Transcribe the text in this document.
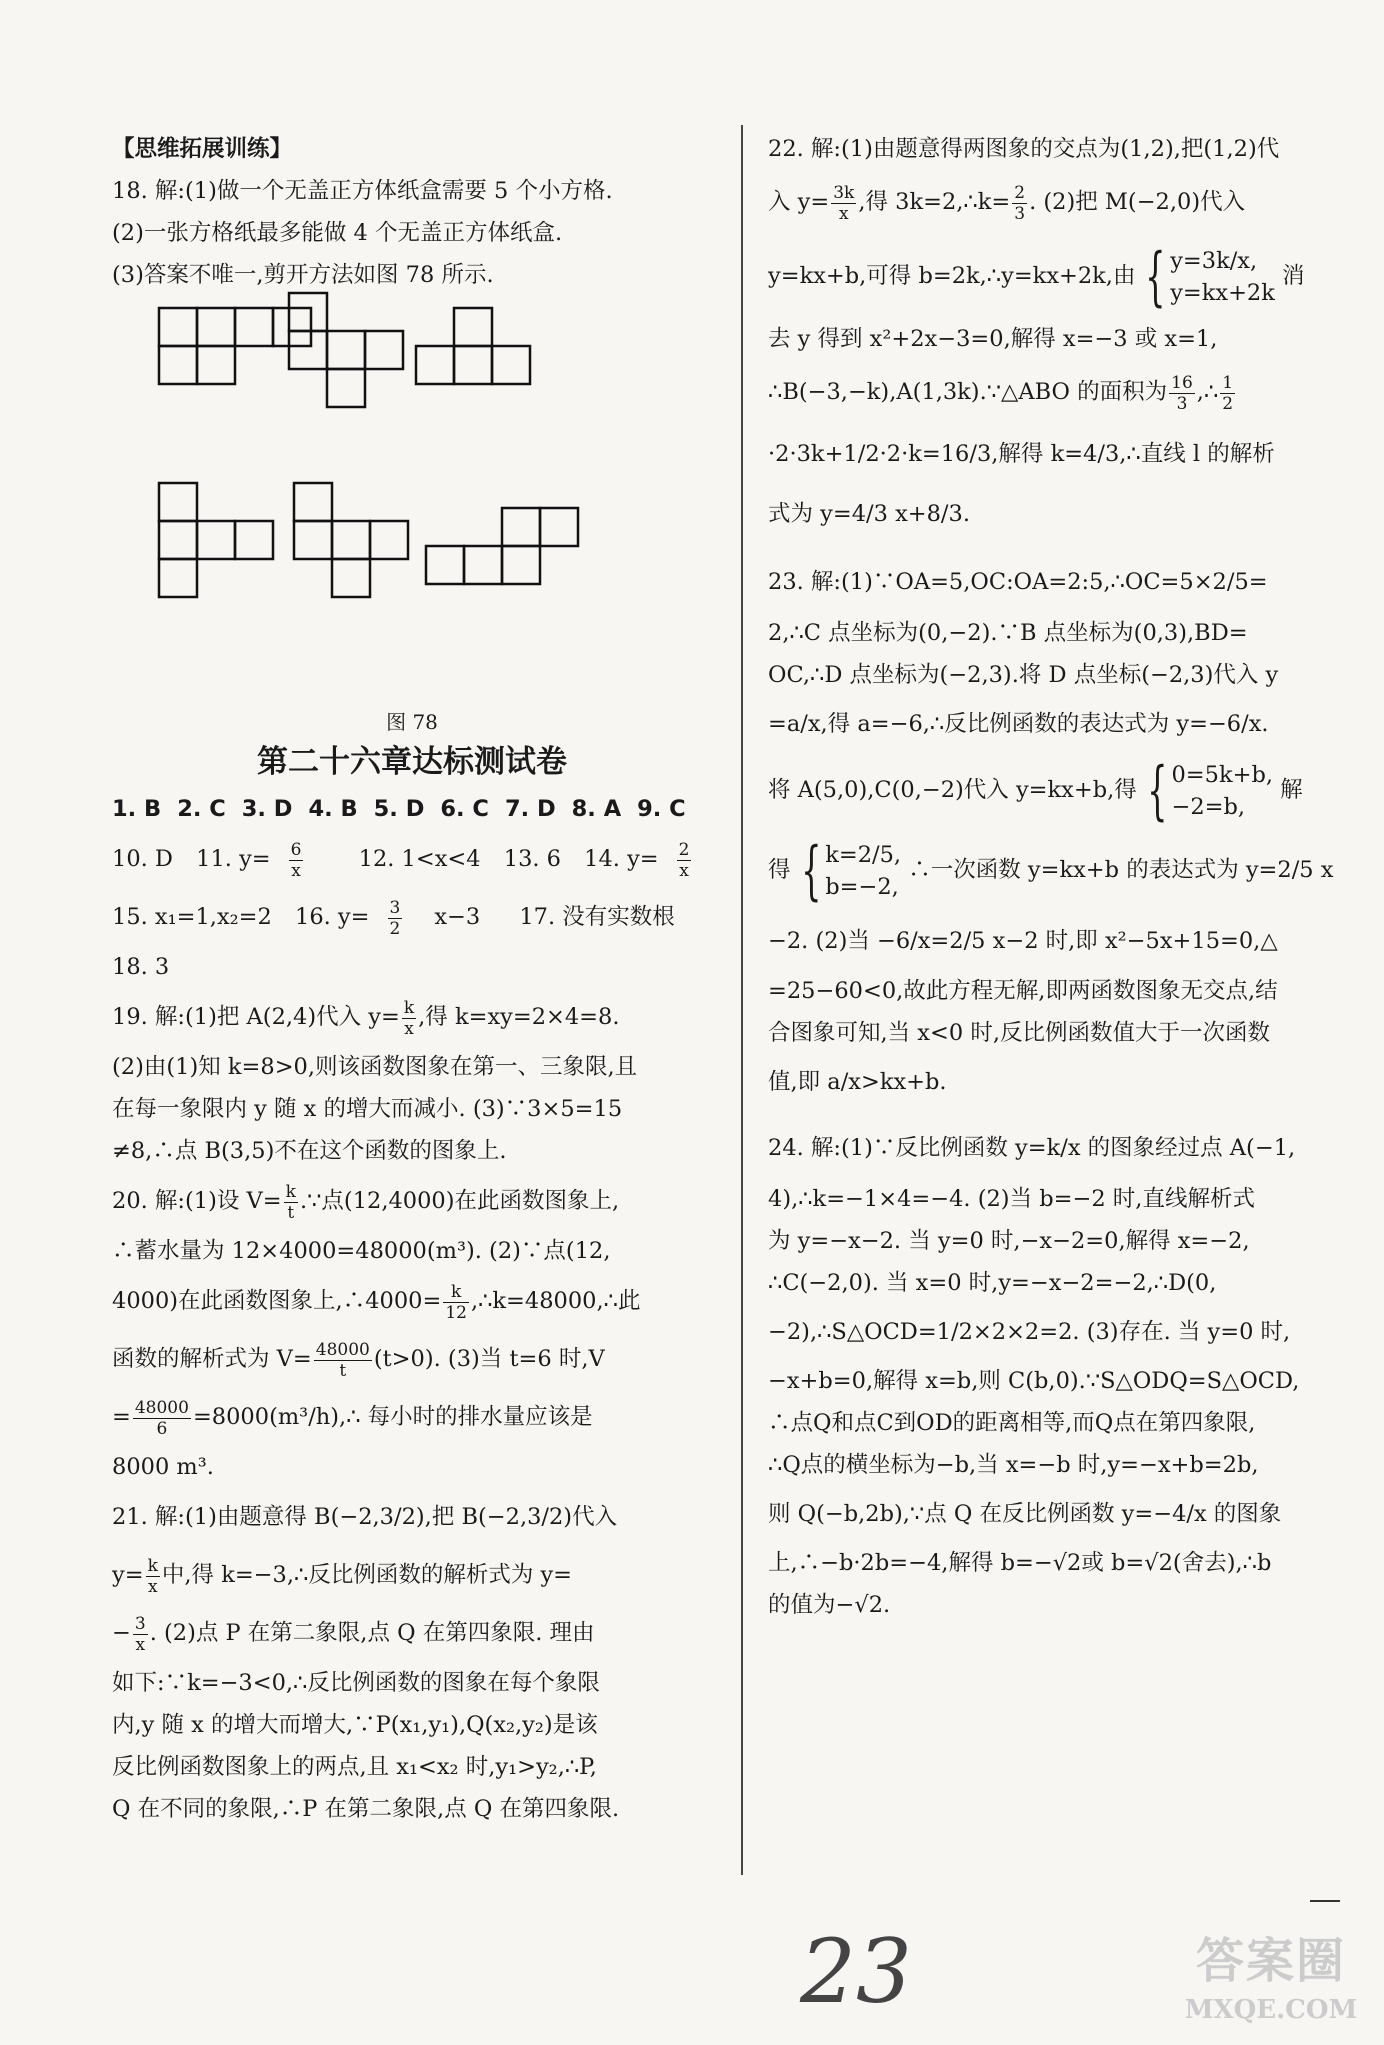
【思维拓展训练】
18. 解:(1)做一个无盖正方体纸盒需要 5 个小方格.
(2)一张方格纸最多能做 4 个无盖正方体纸盒.
(3)答案不唯一,剪开方法如图 78 所示.
图 78
第二十六章达标测试卷
1. B 2. C 3. D 4. B 5. D 6. C 7. D 8. A 9. C
10. D 11. $y= \frac{6}{x} 12$. 1<x<4 13. 6 14. $y= \frac{2}{x}$
15. x₁=1,x₂=2 16. $y= \frac{3}{2} x-3$ 17. 没有实数根
18. 3
19. 解:(1)把 A(2,4)代入 $y= \frac{k}{x}$ ,得 k=xy=2×4=8.
(2)由(1)知 k=8>0,则该函数图象在第一、三象限,且
在每一象限内 y 随 x 的增大而减小. (3)∵3×5=15
≠8,∴点 B(3,5)不在这个函数的图象上.
20. 解:(1)设 $V= \frac{k}{t}$ .∵点(12,4000)在此函数图象上,
∴蓄水量为 12×4000=48000(m³). (2)∵点(12,
4000)在此函数图象上,∴4000= $\frac{k}{12}$ ,∴k=48000,∴此
函数的解析式为 $V= \frac{48000}{t} (t>0)$. (3)当 t=6 时,V
= $\frac{48000}{6}$ =8000(m³/h),∴ 每小时的排水量应该是
8000 m³.
21. 解:(1)由题意得 B(−2,3/2),把 B(−2,3/2)代入
$y= \frac{k}{x}$ 中,得 k=−3,∴反比例函数的解析式为 y=
− $\frac{3}{x}$ . (2)点 P 在第二象限,点 Q 在第四象限. 理由
如下:∵k=−3<0,∴反比例函数的图象在每个象限
内,y 随 x 的增大而增大,∵P(x₁,y₁),Q(x₂,y₂)是该
反比例函数图象上的两点,且 x₁<x₂ 时,y₁>y₂,∴P,
Q 在不同的象限,∴P 在第二象限,点 Q 在第四象限.
22. 解:(1)由题意得两图象的交点为(1,2),把(1,2)代
入 $y= \frac{3k}{x}$ ,得 3k=2,∴k= $\frac{2}{3}$ . (2)把 M(−2,0)代入
y=kx+b,可得 b=2k,∴y=kx+2k,由 { y=3k/x,
y=kx+2k
消
去 y 得到 x²+2x−3=0,解得 x=−3 或 x=1,
∴B(−3,−k),A(1,3k).∵△ABO 的面积为 $\frac{16}{3}$ ,∴ $\frac{1}{2}$
·2·3k+1/2·2·k=16/3,解得 k=4/3,∴直线 l 的解析
式为 y=4/3 x+8/3.
23. 解:(1)∵OA=5,OC:OA=2:5,∴OC=5×2/5=
2,∴C 点坐标为(0,−2).∵B 点坐标为(0,3),BD=
OC,∴D 点坐标为(−2,3).将 D 点坐标(−2,3)代入 y
=a/x,得 a=−6,∴反比例函数的表达式为 y=−6/x.
将 A(5,0),C(0,−2)代入 y=kx+b,得 { 0=5k+b,
−2=b,
解
得 { k=2/5,
b=−2,
∴一次函数 y=kx+b 的表达式为 y=2/5 x
−2. (2)当 −6/x=2/5 x−2 时,即 x²−5x+15=0,△
=25−60<0,故此方程无解,即两函数图象无交点,结
合图象可知,当 x<0 时,反比例函数值大于一次函数
值,即 a/x>kx+b.
24. 解:(1)∵反比例函数 y=k/x 的图象经过点 A(−1,
4),∴k=−1×4=−4. (2)当 b=−2 时,直线解析式
为 y=−x−2. 当 y=0 时,−x−2=0,解得 x=−2,
∴C(−2,0). 当 x=0 时,y=−x−2=−2,∴D(0,
−2),∴S△OCD=1/2×2×2=2. (3)存在. 当 y=0 时,
−x+b=0,解得 x=b,则 C(b,0).∵S△ODQ=S△OCD,
∴点Q和点C到OD的距离相等,而Q点在第四象限,
∴Q点的横坐标为−b,当 x=−b 时,y=−x+b=2b,
则 Q(−b,2b),∵点 Q 在反比例函数 y=−4/x 的图象
上,∴−b·2b=−4,解得 b=−√2或 b=√2(舍去),∴b
的值为−√2.
23	答案圈
MXQE.COM
